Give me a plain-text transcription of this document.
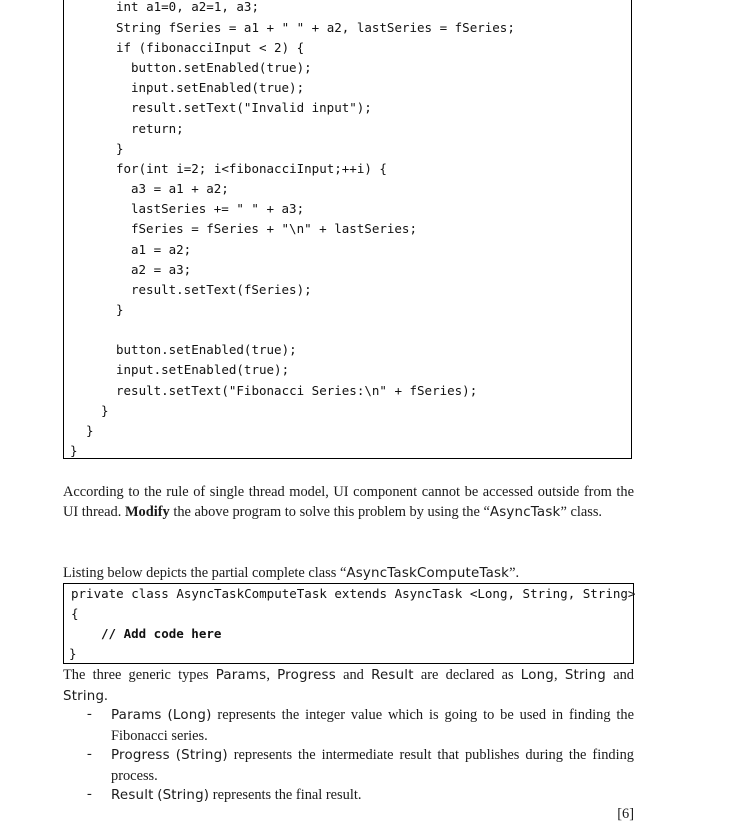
int a1=0, a2=1, a3;
String fSeries = a1 + " " + a2, lastSeries = fSeries;
if (fibonacciInput < 2) {
button.setEnabled(true);
input.setEnabled(true);
result.setText("Invalid input");
return;
}
for(int i=2; i<fibonacciInput;++i) {
a3 = a1 + a2;
lastSeries += " " + a3;
fSeries = fSeries + "\n" + lastSeries;
a1 = a2;
a2 = a3;
result.setText(fSeries);
}
button.setEnabled(true);
input.setEnabled(true);
result.setText("Fibonacci Series:\n" + fSeries);
}
}
}
According to the rule of single thread model, UI component cannot be accessed outside from the UI thread. Modify the above program to solve this problem by using the “AsyncTask” class.
Listing below depicts the partial complete class “AsyncTaskComputeTask”.
private class AsyncTaskComputeTask extends AsyncTask <Long, String, String>
{
// Add code here
}
The three generic types Params, Progress and Result are declared as Long, String and String.
- Params (Long) represents the integer value which is going to be used in finding the Fibonacci series.
- Progress (String) represents the intermediate result that publishes during the finding process.
- Result (String) represents the final result.
[6]
